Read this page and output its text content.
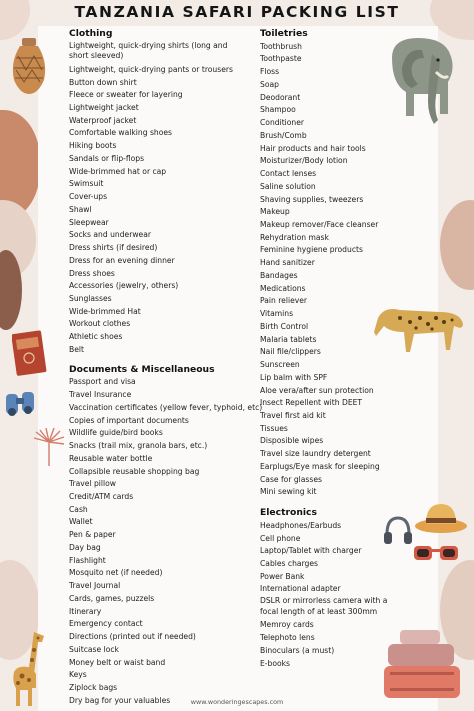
TANZANIA SAFARI PACKING LIST
Clothing
Lightweight, quick-drying shirts (long and short sleeved)
Lightweight, quick-drying pants or trousers
Button down shirt
Fleece or sweater for layering
Lightweight jacket
Waterproof jacket
Comfortable walking shoes
Hiking boots
Sandals or flip-flops
Wide-brimmed hat or cap
Swimsuit
Cover-ups
Shawl
Sleepwear
Socks and underwear
Dress shirts (if desired)
Dress for an evening dinner
Dress shoes
Accessories (jewelry, others)
Sunglasses
Wide-brimmed Hat
Workout clothes
Athletic shoes
Belt
Documents & Miscellaneous
Passport and visa
Travel Insurance
Vaccination certificates (yellow fever, typhoid, etc)
Copies of important documents
Wildlife guide/bird books
Snacks (trail mix, granola bars, etc.)
Reusable water bottle
Collapsible reusable shopping bag
Travel pillow
Credit/ATM cards
Cash
Wallet
Pen & paper
Day bag
Flashlight
Mosquito net (if needed)
Travel Journal
Cards, games, puzzels
Itinerary
Emergency contact
Directions (printed out if needed)
Suitcase lock
Money belt or waist band
Keys
Ziplock bags
Dry bag for your valuables
Toiletries
Toothbrush
Toothpaste
Floss
Soap
Deodorant
Shampoo
Conditioner
Brush/Comb
Hair products and hair tools
Moisturizer/Body lotion
Contact lenses
Saline solution
Shaving supplies, tweezers
Makeup
Makeup remover/Face cleanser
Rehydration mask
Feminine hygiene products
Hand sanitizer
Bandages
Medications
Pain reliever
Vitamins
Birth Control
Malaria tablets
Nail file/clippers
Sunscreen
Lip balm with SPF
Aloe vera/after sun protection
Insect Repellent with DEET
Travel first aid kit
Tissues
Disposible wipes
Travel size laundry detergent
Earplugs/Eye mask for sleeping
Case for glasses
Mini sewing kit
Electronics
Headphones/Earbuds
Cell phone
Laptop/Tablet with charger
Cables charges
Power Bank
International adapter
DSLR or mirrorless camera with a focal length of at least 300mm
Memroy cards
Telephoto lens
Binoculars (a must)
E-books
www.wonderingescapes.com
